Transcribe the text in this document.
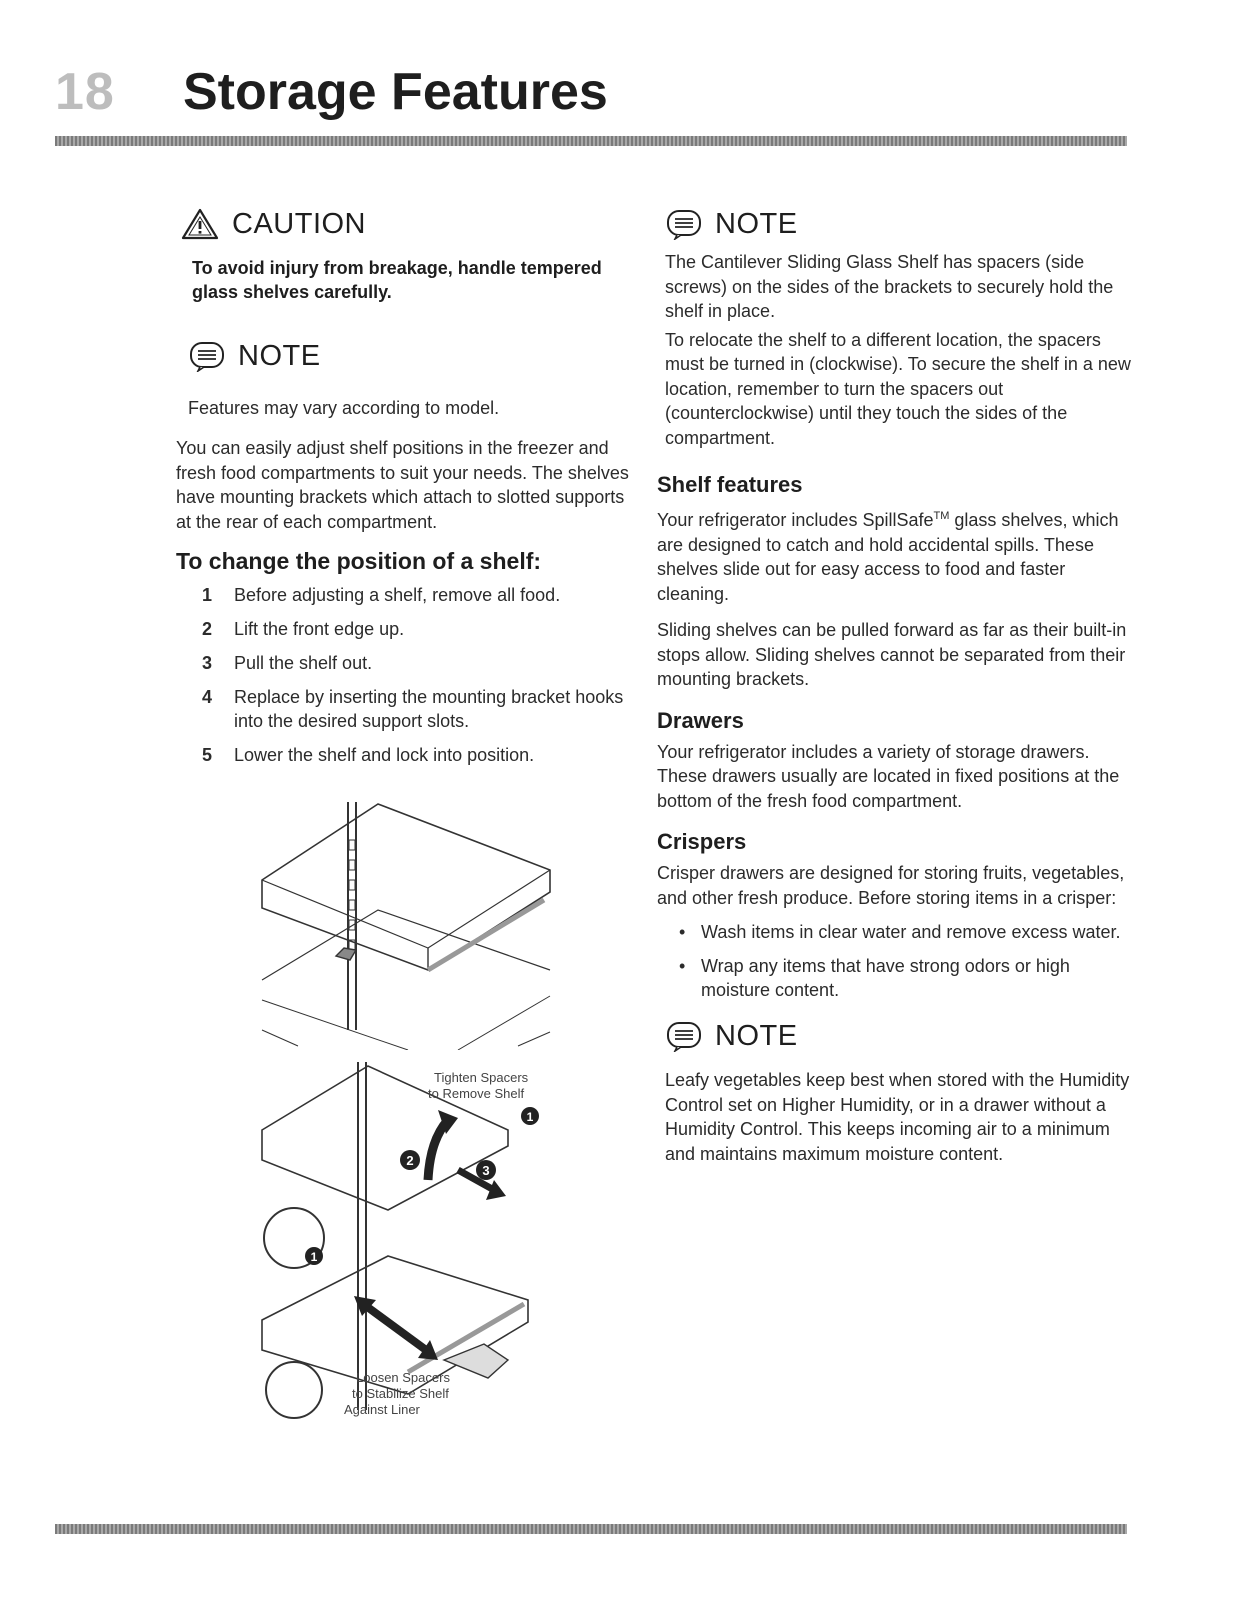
18 Storage Features
CAUTION

To avoid injury from breakage, handle tempered glass shelves carefully.

NOTE

Features may vary according to model.

You can easily adjust shelf positions in the freezer and fresh food compartments to suit your needs. The shelves have mounting brackets which attach to slotted supports at the rear of each compartment.

To change the position of a shelf:
1 Before adjusting a shelf, remove all food.
2 Lift the front edge up.
3 Pull the shelf out.
4 Replace by inserting the mounting bracket hooks into the desired support slots.
5 Lower the shelf and lock into position.
2
3
1
1
Tighten Spacers
to Remove Shelf
Loosen Spacers
to Stabilize Shelf
Against Liner
NOTE

The Cantilever Sliding Glass Shelf has spacers (side screws) on the sides of the brackets to securely hold the shelf in place.

To relocate the shelf to a different location, the spacers must be turned in (clockwise). To secure the shelf in a new location, remember to turn the spacers out (counterclockwise) until they touch the sides of the compartment.

Shelf features

Your refrigerator includes SpillSafe™ glass shelves, which are designed to catch and hold accidental spills. These shelves slide out for easy access to food and faster cleaning.

Sliding shelves can be pulled forward as far as their built-in stops allow. Sliding shelves cannot be separated from their mounting brackets.

Drawers

Your refrigerator includes a variety of storage drawers. These drawers usually are located in fixed positions at the bottom of the fresh food compartment.

Crispers

Crisper drawers are designed for storing fruits, vegetables, and other fresh produce. Before storing items in a crisper:

• Wash items in clear water and remove excess water.
• Wrap any items that have strong odors or high moisture content.
NOTE

Leafy vegetables keep best when stored with the Humidity Control set on Higher Humidity, or in a drawer without a Humidity Control. This keeps incoming air to a minimum and maintains maximum moisture content.
